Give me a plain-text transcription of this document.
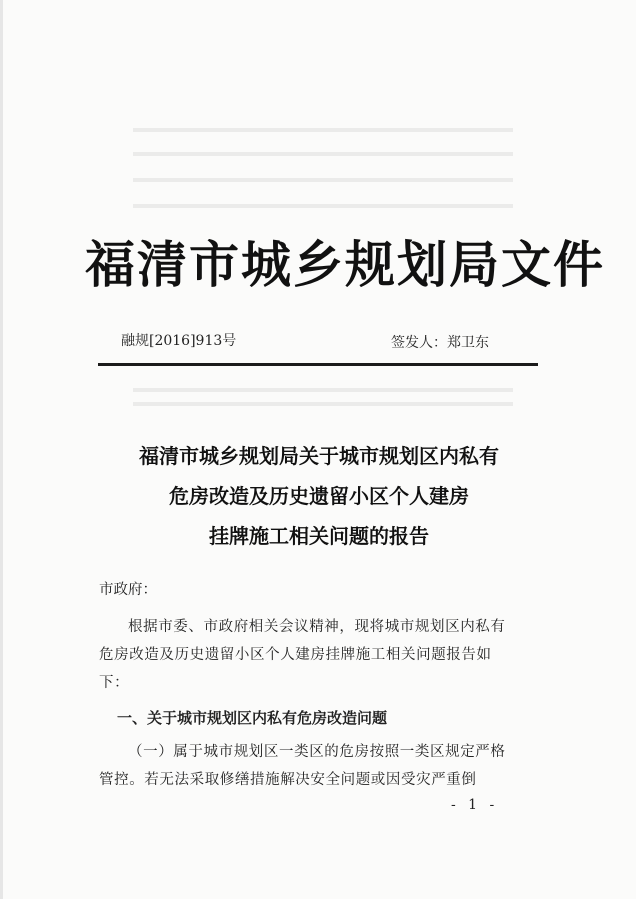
福清市城乡规划局文件
融规[2016]913号	签发人：郑卫东
福清市城乡规划局关于城市规划区内私有
危房改造及历史遗留小区个人建房
挂牌施工相关问题的报告
市政府：
根据市委、市政府相关会议精神，现将城市规划区内私有危房改造及历史遗留小区个人建房挂牌施工相关问题报告如下：
一、关于城市规划区内私有危房改造问题
（一）属于城市规划区一类区的危房按照一类区规定严格管控。若无法采取修缮措施解决安全问题或因受灾严重倒
- 1 -
